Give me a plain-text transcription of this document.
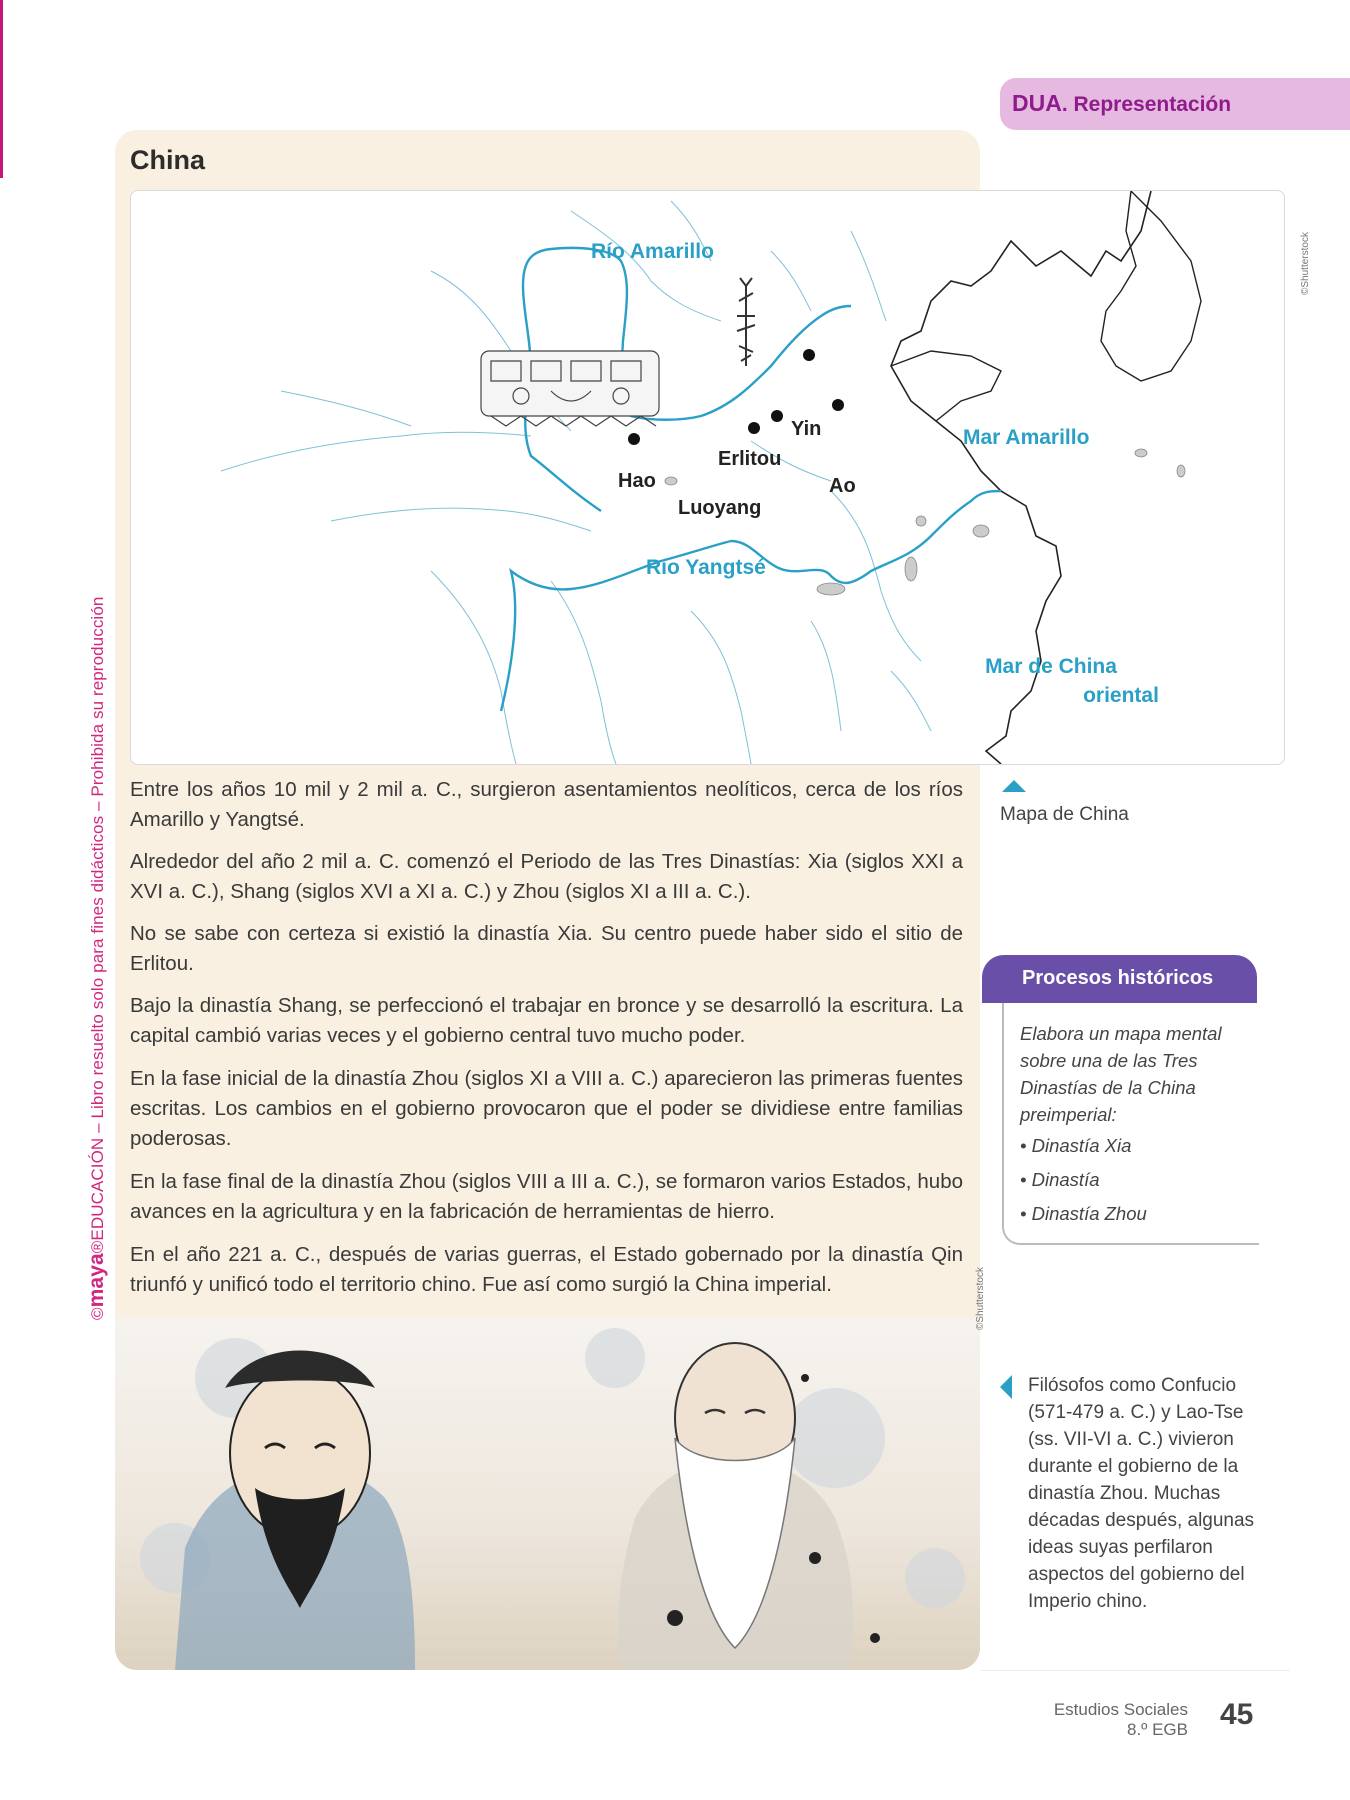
©maya®EDUCACIÓN – Libro resuelto solo para fines didácticos – Prohibida su reproducción
DUA. Representación
China
Río Amarillo
Río Yangtsé
Mar Amarillo
Mar de China
oriental
Yin
Erlitou
Hao	Ao
Luoyang
©Shutterstock
Mapa de China

Entre los años 10 mil y 2 mil a. C., surgieron asentamientos neolíticos, cerca de los ríos Amarillo y Yangtsé.

Alrededor del año 2 mil a. C. comenzó el Periodo de las Tres Dinastías: Xia (siglos XXI a XVI a. C.), Shang (siglos XVI a XI a. C.) y Zhou (siglos XI a III a. C.).

No se sabe con certeza si existió la dinastía Xia. Su centro puede haber sido el sitio de Erlitou.

Bajo la dinastía Shang, se perfeccionó el trabajar en bronce y se desarrolló la escritura. La capital cambió varias veces y el gobierno central tuvo mucho poder.

En la fase inicial de la dinastía Zhou (siglos XI a VIII a. C.) aparecieron las primeras fuentes escritas. Los cambios en el gobierno provocaron que el poder se dividiese entre familias poderosas.

En la fase final de la dinastía Zhou (siglos VIII a III a. C.), se formaron varios Estados, hubo avances en la agricultura y en la fabricación de herramientas de hierro.

En el año 221 a. C., después de varias guerras, el Estado gobernado por la dinastía Qin triunfó y unificó todo el territorio chino. Fue así como surgió la China imperial.

Procesos históricos
Elabora un mapa mental sobre una de las Tres Dinastías de la China preimperial:
• Dinastía Xia
• Dinastía
• Dinastía Zhou
©Shutterstock
Filósofos como Confucio (571-479 a. C.) y Lao-Tse (ss. VII-VI a. C.) vivieron durante el gobierno de la dinastía Zhou. Muchas décadas después, algunas ideas suyas perfilaron aspectos del gobierno del Imperio chino.
Estudios Sociales
8.º EGB 45
